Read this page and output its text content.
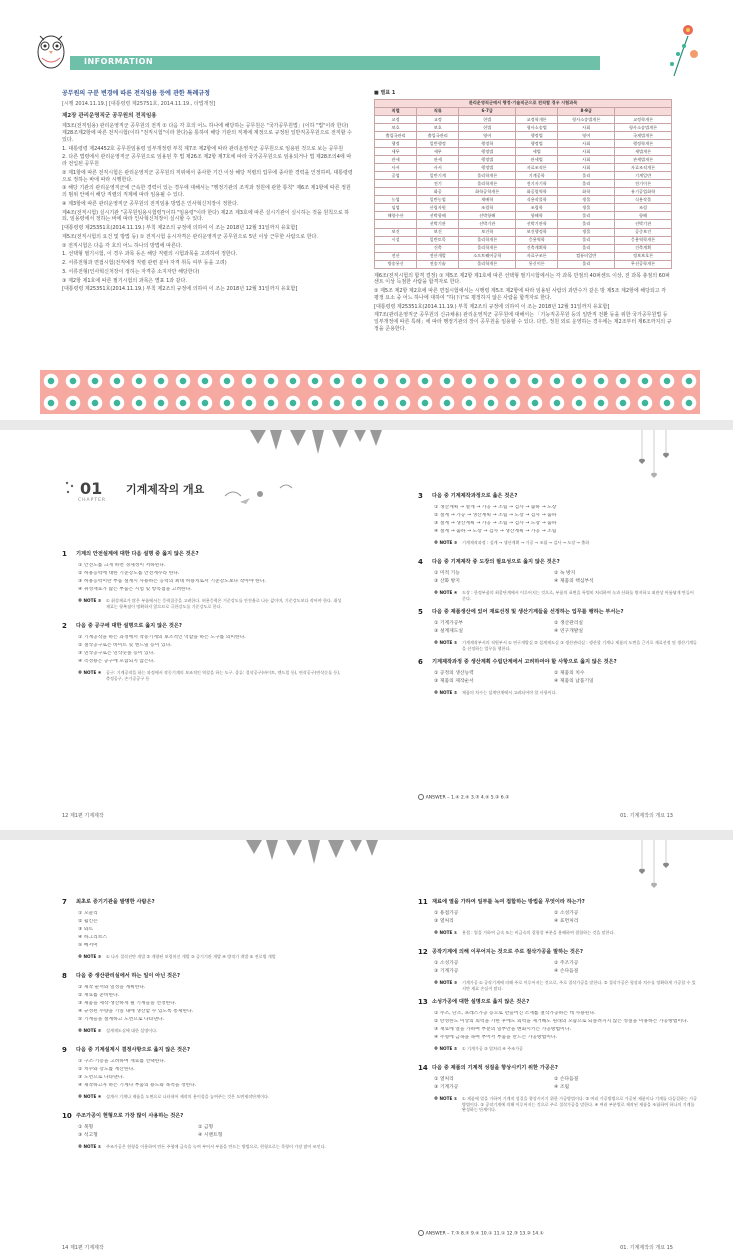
INFORMATION
공무원의 구분 변경에 따른 전직임용 등에 관한 특례규정
[시행 2014.11.19.] [대통령령 제25751호, 2014.11.19., 타법개정]
제2장 관리운영직군 공무원의 전직임용
제3조(전직임용) 관리운영직군 공무원의 전직 ① 다음 각 호의 어느 하나에 해당하는 공무원은 "국가공무원법」(이하 "법"이라 한다) 제28조제2항에 따른 전직시험(이하 "전직시험"이라 한다)을 통하여 해당 기관의 직제에 계정으로 규정된 일반직공무원으로 전직할 수 있다.
1. 대통령령 제24452호 공무원임용령 일부개정령 부칙 제7조 제2항에 따라 관리운영직군 공무원으로 임용된 것으로 보는 공무원
2. 다른 법령에서 관리운영직군 공무원으로 임용된 후 법 제26조 제2항 제7호에 따라 국가공무원으로 임용되거나 법 제28조의4에 따라 전입된 공무원
② 제1항에 따른 전직시험은 관리운영직군 공무원의 직위에서 종사한 기간 이상 해당 직렬의 업무에 종사한 경력을 인정하며, 대통령령으로 정하는 바에 따라 시행한다.
③ 해당 기관의 관리운영직군에 근속한 경력이 있는 경우에 대해서는 "행정기관의 조직과 정원에 관한 통칙" 제6조 제1항에 따른 정원의 범위 안에서 해당 직렬의 직제에 따라 임용될 수 있다.
④ 제3항에 따른 관리운영직군 공무원의 전직임용 방법은 인사혁신처장이 정한다.
제4조(전직시험) 실시기관 "공무원임용시험령"(이하 "임용령"이라 한다) 제2조 제3호에 따른 실시기관이 실시하는 것을 원칙으로 하되, 임용령에서 정하는 바에 따라 인사혁신처장이 실시할 수 있다.
[대통령령 제25351호(2014.11.19.) 부칙 제2조의 규정에 의하여 이 조는 2018년 12월 31일까지 유효함]
제5조(전직시험의 요건 및 방법 등) ① 전직시험 응시자격은 관리운영직군 공무원으로 5년 이상 근무한 사람으로 한다.
② 전직시험은 다음 각 호의 어느 하나의 방법에 따른다.
1. 선택형 필기시험, 이 경우 과목 등은 해당 직렬의 시험과목을 고려하여 정한다.
2. 서류전형과 면접시험(전직예정 직렬 관련 분야 자격 취득 여부 등을 고려)
3. 서류전형(인사혁신처장이 정하는 자격증 소지자만 해당한다)
③ 제2항 제1호에 따른 필기시험의 과목은 별표 1과 같다.
[대통령령 제25351호(2014.11.19.) 부칙 제2조의 규정에 의하여 이 조는 2018년 12월 31일까지 유효함]
■ 별표 1
관리운영직군에서 행정·기술직군으로 전직할 경우 시험과목					
직렬	직류	6·7급		8·9급	
교정	교정	헌법	교정학개론	형사소송법개론	교정학개론
보호	보호	헌법	형사소송법	사회	형사소송법개론
출입국관리	출입국관리	영어	행정법	영어	국제법개론
행정	일반행정	행정학	행정법	사회	행정학개론
세무	세무	행정법	세법	사회	세법개론
관세	관세	행정법	관세법	사회	관세법개론
사서	사서	행정법	자료조직론	사회	자료조직개론
공업	일반기계	물리학개론	기계공학	물리	기계일반
	전기	물리학개론	전기자기학	물리	전기이론
	화공	화학공학개론	화공열역학	화학	유기공업화학
농업	일반농업	재배학	식용작물학	생물	식용작물
임업	산림자원	조림학	조림학	생물	조림
해양수산	선박항해	선박항해	항해학	물리	항해
	선박기관	선박기관	선박기관학	물리	선박기관
보건	보건	보건학	보건행정학	생물	공중보건
시설	일반토목	물리학개론	응용역학	물리	응용역학개론
	건축	물리학개론	건축계획학	물리	건축계획
전산	전산개발	소프트웨어공학	자료구조론	컴퓨터일반	정보보호론
방송통신	전송기술	물리학개론	통신이론	물리	무선공학개론
제6조(전직시험의 합격 결정) ① 제5조 제2항 제1호에 따른 선택형 필기시험에서는 각 과목 만점의 40퍼센트 이상, 전 과목 총점의 60퍼센트 이상 득점한 사람을 합격자로 한다.
② 제5조 제2항 제2호에 따른 면접시험에서는 시행령 제5조 제2항에 따라 임용된 사람의 과반수가 같은 방 제5조 제2항에 해당되고 각 평정 요소 중 어느 하나에 대하여 "하(下)"로 평정하지 않은 사람을 합격자로 한다.
[대통령령 제25351호(2014.11.19.) 부칙 제2조의 규정에 의하여 이 조는 2018년 12월 31일까지 유효함]
제7조(관리운영직군 공무원의 신규채용) 관리운영직군 공무원에 대해서는 「기능직공무원 등의 일반직 전환 등을 위한 국가공무원법 등 일부개정에 따른 특례」에 따라 행정기관의 장이 공무원을 임용할 수 있다. 다만, 정원 외로 운영하는 경우에는 제2조부터 제6조까지의 규정을 준용한다.
01
CHAPTER
기계제작의 개요
1 기계의 안전설계에 대한 다음 설명 중 옳지 않은 것은?
① 안전도를 크게 하면 경제성이 저하된다.
② 허용응력에 대한 기준강도를 안전계수라 한다.
③ 허용응력이란 부품 설계시 사용하는 응력의 최대 허용치로서 기준강도보다 작아야 한다.
④ 취성재료가 많은 부품은 시험 및 항복점을 고려한다.
※ NOTE ③ ① 취성재료가 많은 부품에서는 응력집중을 고려한다. 허용응력은 기준강도를 안전율로 나눈 값이며, 기준강도보다 작아야 한다. 취성재료는 항복점이 명확하지 않으므로 극한강도를 기준강도로 한다.
2 다음 중 공구에 대한 설명으로 옳지 않은 것은?
① 기계공작을 하는 과정에서 작동기계의 보조적인 역할을 하는 도구를 의미한다.
② 절삭공구로는 바이트 및 엔드밀 등이 있다.
③ 연삭공구로는 연삭숫돌 등이 있다.
④ 측정용은 공구에 포함되지 않는다.
※ NOTE ④ 공구: 기계공작을 하는 과정에서 작동기계의 보조적인 역할을 하는 도구. 종류: 절삭공구(바이트, 엔드밀 등), 연삭공구(연삭숫돌 등), 측정공구, 손가공공구 등
3 다음 중 기계제작과정으로 옳은 것은?
① 생산계획 → 설계 → 가공 → 조립 → 검사 → 출하 → 도장
② 설계 → 가공 → 생산계획 → 조립 → 도장 → 검사 → 출하
③ 설계 → 생산계획 → 가공 → 조립 → 검사 → 도장 → 출하
④ 설계 → 출하 → 도장 → 검사 → 생산계획 → 가공 → 조립
※ NOTE ③ 기계제작과정 : 설계 → 생산계획 → 가공 → 조립 → 검사 → 도장 → 출하
4 다음 중 기계제작 중 도장의 필요성으로 옳지 않은 것은?
① 미적 기능	② 녹 방지
③ 산화 방지	④ 제품의 핵심부석
※ NOTE ④ 도장 : 한정부품의 최종단계에서 이루어지는 것으로, 부품의 표면을 특별히 처리하여 녹과 산화를 방지하고 외관상 아름답게 만들어 준다.
5 다음 중 제품생산에 있어 재료선정 및 생산기계들을 선정하는 업무를 행하는 부서는?
① 기계가공부	② 생산관리실
③ 설계제도실	④ 연구개발실
※ NOTE ② 기계제작부서의 직원부서 ① 연구개발실 ② 설계제도실 ③ 생산관리실 : 생산할 기계나 제품의 도면을 근거로 재료선정 및 생산기계들을 선정하는 업무를 행한다.
6 기계제작과정 중 생산계획 수립단계에서 고려하여야 할 사항으로 옳지 않은 것은?
① 공정의 생산능력	② 제품의 치수
③ 제품의 제작순서	④ 제품의 납품기일
※ NOTE ② 제품의 치수는 설계단계에서 고려되어야 할 사항이다.
ANSWER – 1.④ 2.④ 3.③ 4.④ 5.② 6.②
12 제1편 기계제작	01. 기계제작의 개요 13
7 최초로 증기기관을 발명한 사람은?
① 모즐리
② 윌킨슨
③ 와트
④ 하그리브스
⑤ 베서머
※ NOTE ③ ① 나사 절삭선반 개발 ② 개량된 보링머신 개발 ③ 증기기관 개발 ④ 방적기 개발 ⑤ 전로법 개발
8 다음 중 생산관리실에서 하는 일이 아닌 것은?
① 제작 순서와 일정을 계획한다.
② 재료를 준비한다.
③ 제품을 제작·생산하게 될 기계들을 선정한다.
④ 규정된 수량을 기일 내에 생산할 수 있도록 통제한다.
⑤ 기계들을 설계하고 도면으로 나타낸다.
※ NOTE ⑤ 설계제도실에 대한 설명이다.
9 다음 중 기계설계시 결정사항으로 옳지 않은 것은?
① 구조·기능을 고려하여 재료를 선택한다.
② 치수와 강도를 계산한다.
③ 도면으로 나타낸다.
④ 제작하고자 하는 기계나 부품의 용도와 목적을 정한다.
※ NOTE ④ 설계시 기계나 제품을 도면으로 나타내어 제작의 용이성을 높여주는 것은 도면제작단계이다.
10 주조가공이 현형으로 가장 많이 사용하는 것은?
① 목형	② 금형
③ 석고형	④ 시멘트형
※ NOTE ① 주조가공은 현형을 이용하여 만든 주형에 금속을 녹여 부어서 부품을 만드는 방법으로, 현형으로는 목형이 가장 많이 쓰인다.
11 재료에 열을 가하여 일부를 녹여 접합하는 방법을 무엇이라 하는가?
① 용접가공	② 소성가공
③ 열처리	④ 표면처리
※ NOTE ① 용접 : 열을 가하여 금속 또는 비금속의 결합할 부분을 용해하여 접합하는 것을 말한다.
12 공작기계에 의해 이루어지는 것으로 주로 절삭가공을 말하는 것은?
① 소성가공	② 주조가공
③ 기계가공	④ 손다듬질
※ NOTE ③ 기계가공 ① 공작기계에 의해 주로 이루어지는 것으로, 주로 절삭가공을 말한다. ② 절삭가공은 형상과 치수를 정확하게 가공할 수 있지만 재료 손실이 많다.
13 소성가공에 대한 설명으로 옳지 않은 것은?
① 주조, 단조, 프레스가공 등으로 만들어진 소재를 절삭가공하는 데 사용된다.
② 탄성한도 이상의 외력을 가한 후에도 외력을 제거해도 원래의 모습으로 되돌려지지 않는 성질을 이용하는 가공방법이다.
③ 재료에 열을 가하여 부분의 일부만을 변화시키는 가공방법이다.
④ 주형에 금속을 녹여 부어서 부품을 만드는 가공방법이다.
※ NOTE ② ① 기계가공 ③ 열처리 ④ 주조가공
14 다음 중 제품의 기계적 성질을 향상시키기 위한 가공은?
① 열처리	② 손다듬질
③ 기계가공	④ 조립
※ NOTE ① ① 제품에 열을 가하여 기계적 성질을 향상시키기 위한 가공방법이다. ② 여러 가공방법으로 가공된 제품이나 기계를 다듬질하는 가공방법이다. ③ 공작기계에 의해 이루어지는 것으로 주로 절삭가공을 말한다. ④ 여러 부분별로 제작된 제품을 조립하여 하나의 기계를 완성하는 단계이다.
ANSWER – 7.③ 8.⑤ 9.④ 10.① 11.① 12.③ 13.② 14.①
14 제1편 기계제작	01. 기계제작의 개요 15
